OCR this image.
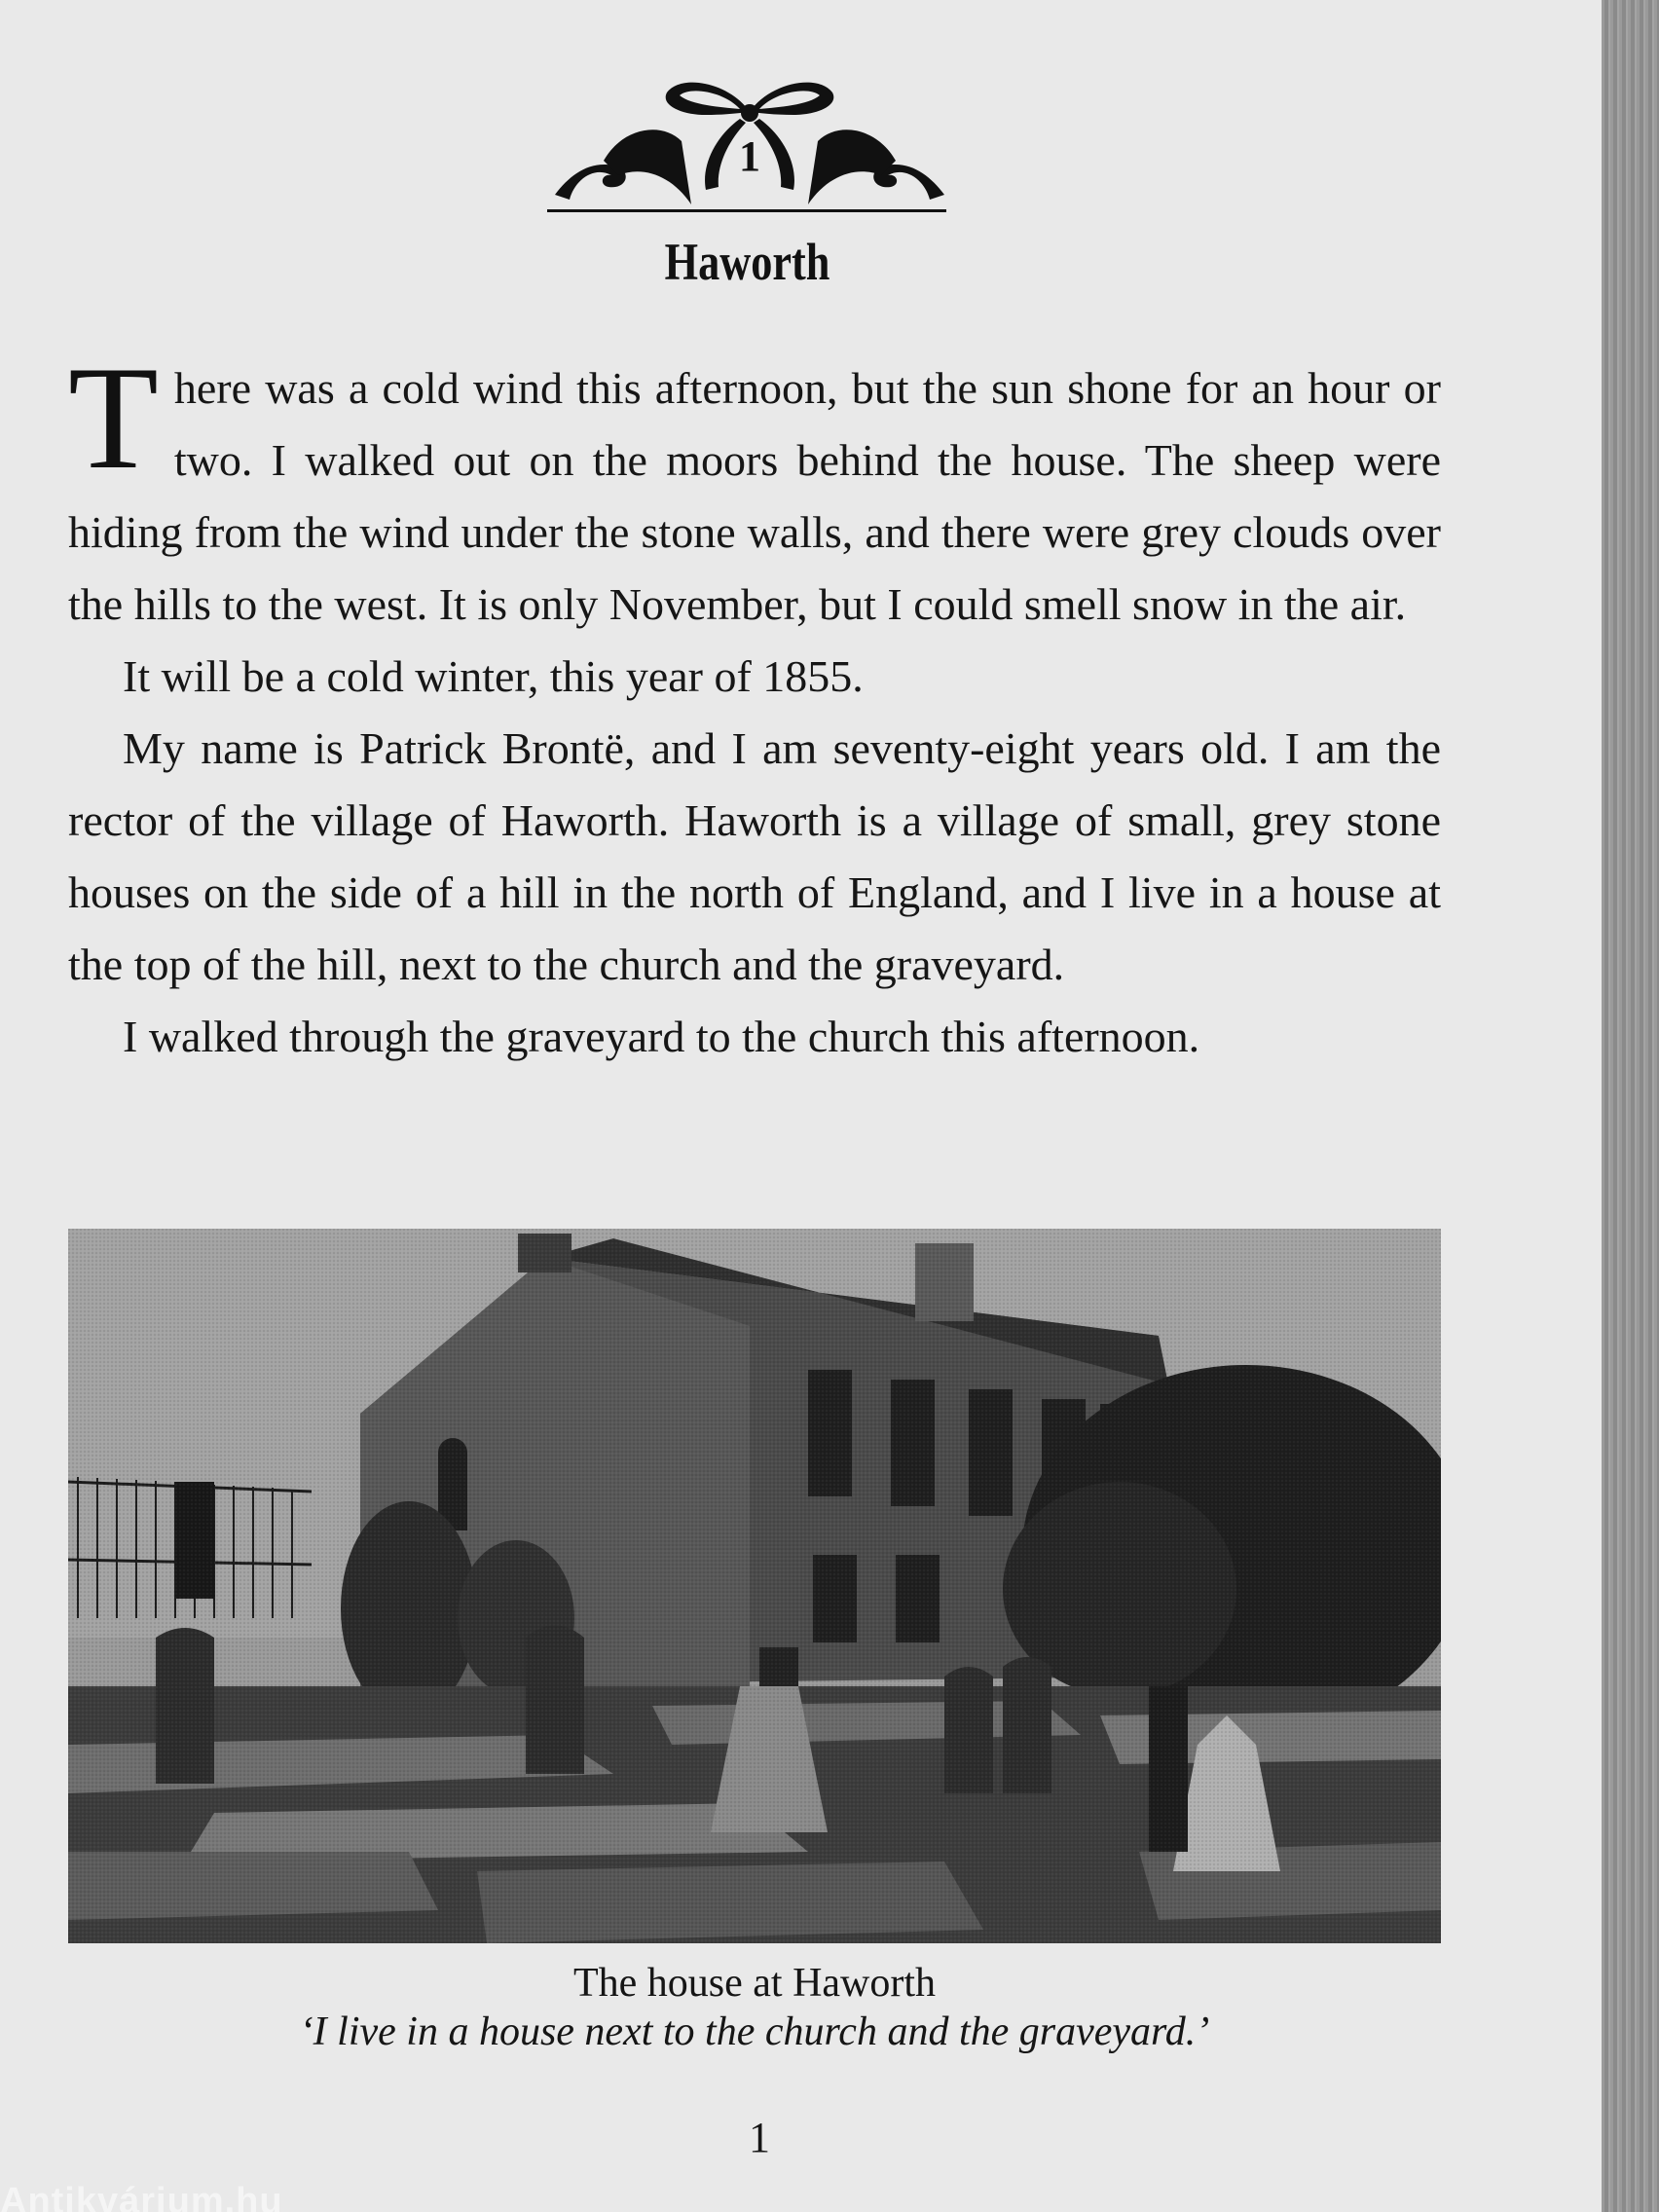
1
Haworth

There was a cold wind this afternoon, but the sun shone for an hour or two. I walked out on the moors behind the house. The sheep were hiding from the wind under the stone walls, and there were grey clouds over the hills to the west. It is only November, but I could smell snow in the air.

It will be a cold winter, this year of 1855.

My name is Patrick Brontë, and I am seventy-eight years old. I am the rector of the village of Haworth. Haworth is a village of small, grey stone houses on the side of a hill in the north of England, and I live in a house at the top of the hill, next to the church and the graveyard.

I walked through the graveyard to the church this afternoon.

The house at Haworth
‘I live in a house next to the church and the graveyard.’
1
Antikvárium.hu
